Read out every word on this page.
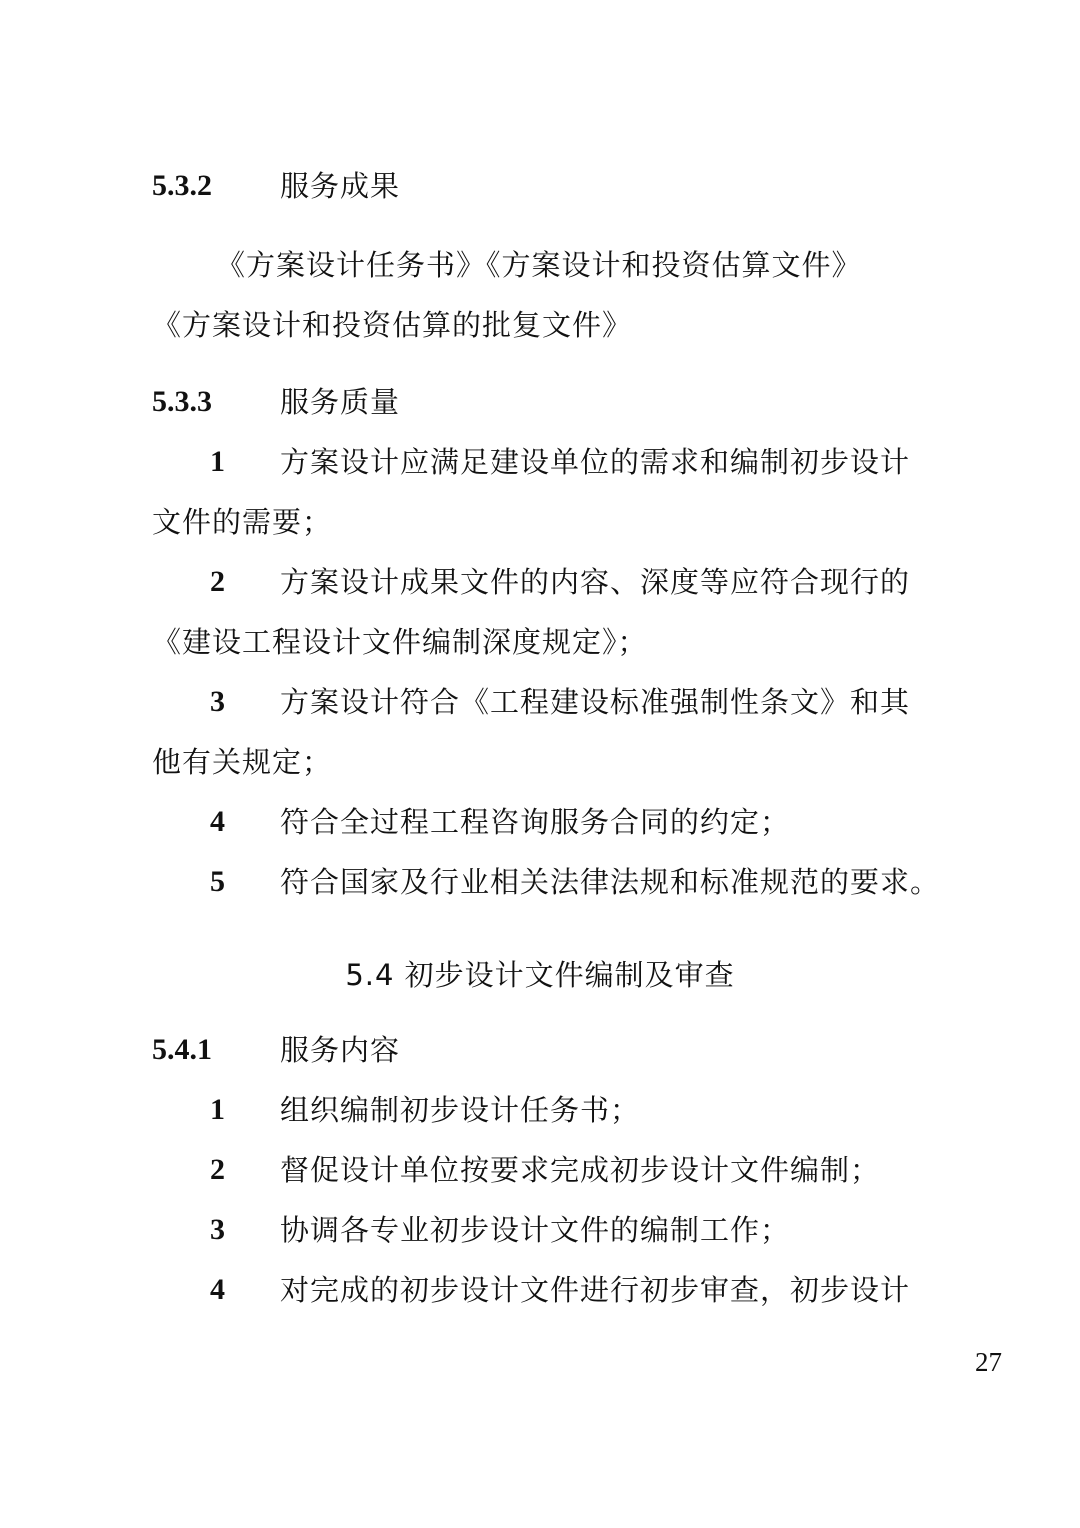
5.3.2 服务成果
《方案设计任务书》《方案设计和投资估算文件》
《方案设计和投资估算的批复文件》
5.3.3 服务质量
1 方案设计应满足建设单位的需求和编制初步设计
文件的需要；
2 方案设计成果文件的内容、深度等应符合现行的
《建设工程设计文件编制深度规定》；
3 方案设计符合《工程建设标准强制性条文》和其
他有关规定；
4 符合全过程工程咨询服务合同的约定；
5 符合国家及行业相关法律法规和标准规范的要求。
5.4 初步设计文件编制及审查
5.4.1 服务内容
1 组织编制初步设计任务书；
2 督促设计单位按要求完成初步设计文件编制；
3 协调各专业初步设计文件的编制工作；
4 对完成的初步设计文件进行初步审查，初步设计
27
